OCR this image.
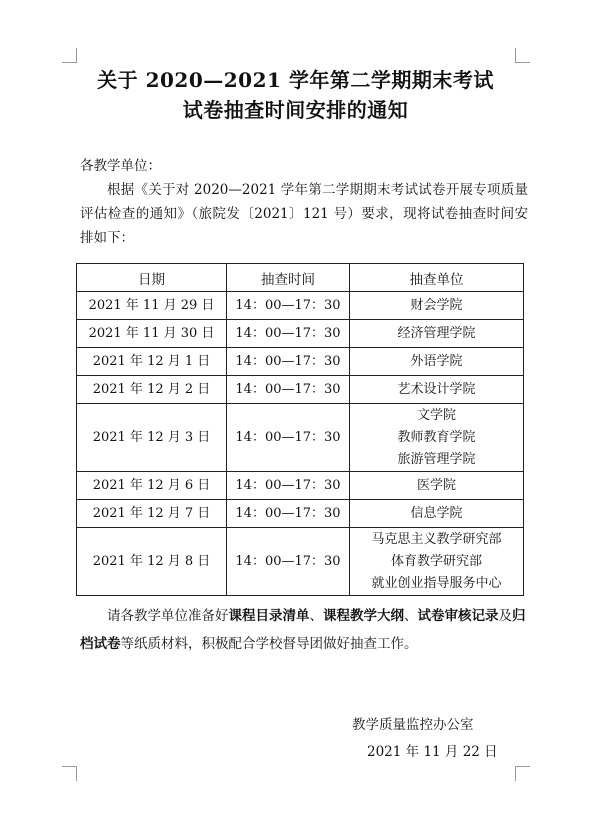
关于 2020—2021 学年第二学期期末考试
试卷抽查时间安排的通知
各教学单位：
根据《关于对 2020—2021 学年第二学期期末考试试卷开展专项质量评估检查的通知》（旅院发〔2021〕121 号）要求，现将试卷抽查时间安排如下：
日期	抽查时间	抽查单位
2021 年 11 月 29 日	14：00—17：30	财会学院
2021 年 11 月 30 日	14：00—17：30	经济管理学院
2021 年 12 月 1 日	14：00—17：30	外语学院
2021 年 12 月 2 日	14：00—17：30	艺术设计学院
2021 年 12 月 3 日	14：00—17：30	文学院
教师教育学院
旅游管理学院

2021 年 12 月 6 日	14：00—17：30	医学院
2021 年 12 月 7 日	14：00—17：30	信息学院
2021 年 12 月 8 日	14：00—17：30	马克思主义教学研究部
体育教学研究部
就业创业指导服务中心
请各教学单位准备好课程目录清单、课程教学大纲、试卷审核记录及归档试卷等纸质材料，积极配合学校督导团做好抽查工作。
教学质量监控办公室
2021 年 11 月 22 日
